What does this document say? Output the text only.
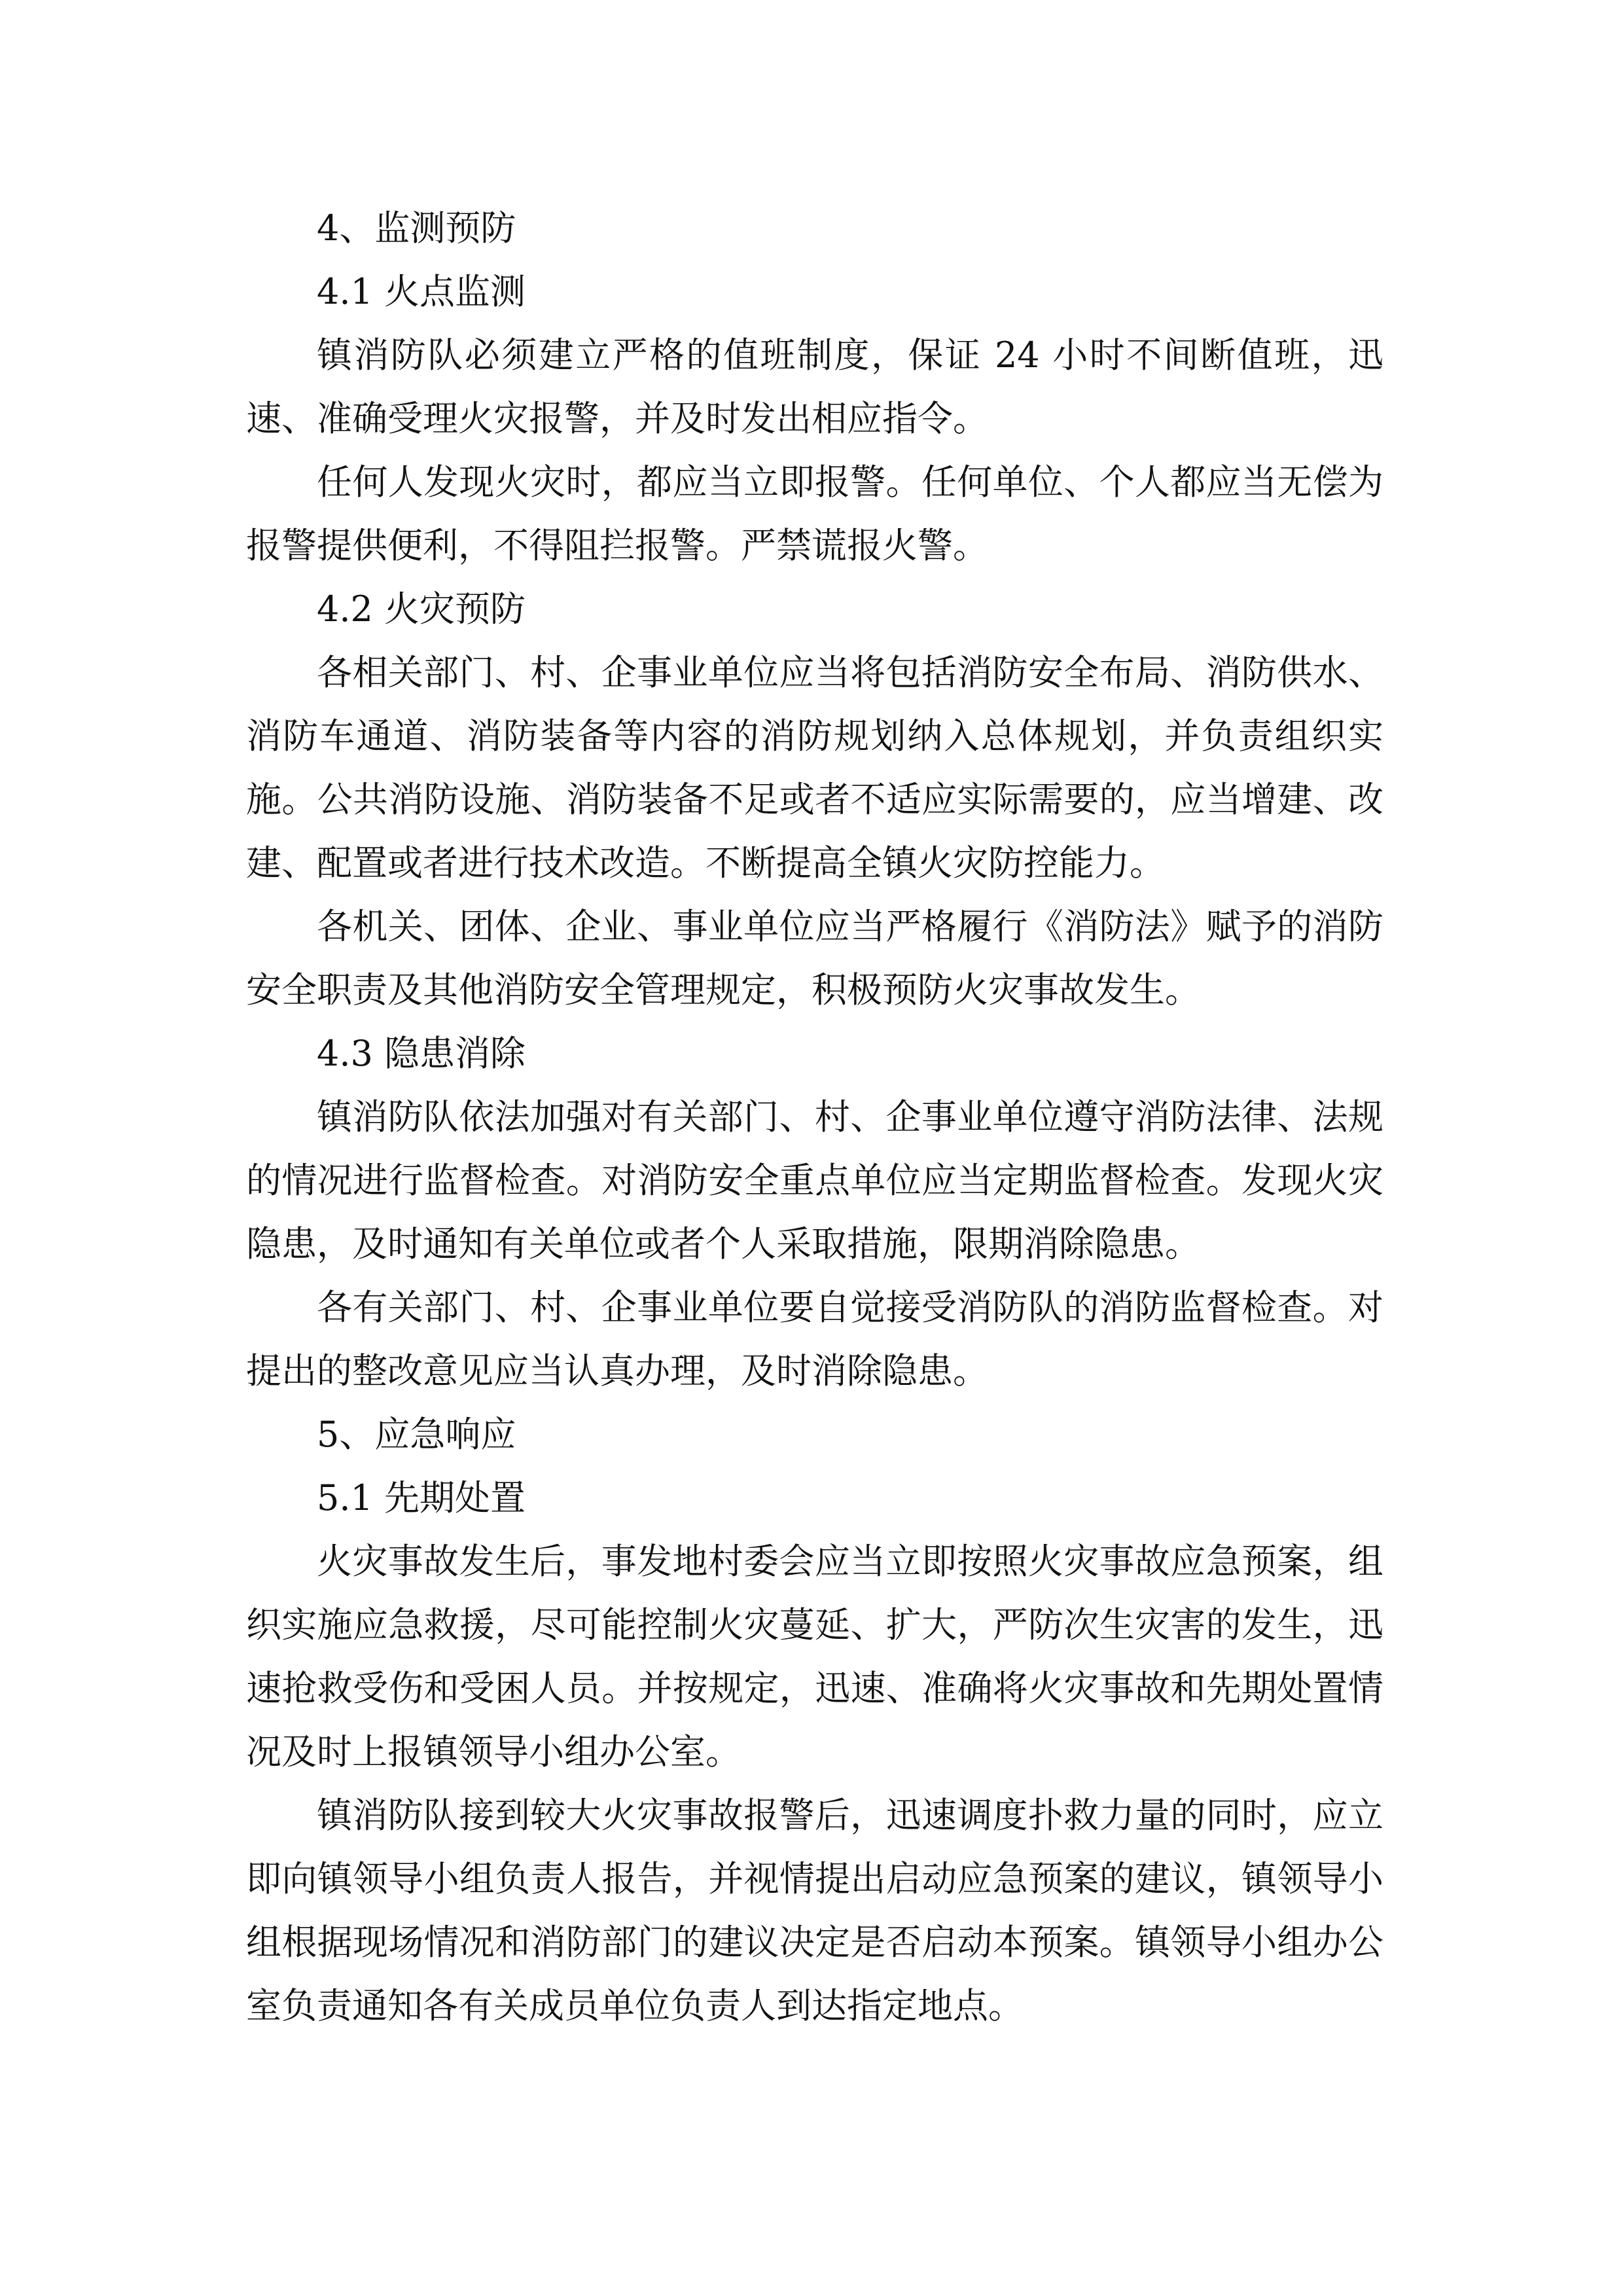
4、监测预防

4.1 火点监测

镇消防队必须建立严格的值班制度，保证 24 小时不间断值班，迅速、准确受理火灾报警，并及时发出相应指令。

任何人发现火灾时，都应当立即报警。任何单位、个人都应当无偿为报警提供便利，不得阻拦报警。严禁谎报火警。

4.2 火灾预防

各相关部门、村、企事业单位应当将包括消防安全布局、消防供水、消防车通道、消防装备等内容的消防规划纳入总体规划，并负责组织实施。公共消防设施、消防装备不足或者不适应实际需要的，应当增建、改建、配置或者进行技术改造。不断提高全镇火灾防控能力。

各机关、团体、企业、事业单位应当严格履行《消防法》赋予的消防安全职责及其他消防安全管理规定，积极预防火灾事故发生。

4.3 隐患消除

镇消防队依法加强对有关部门、村、企事业单位遵守消防法律、法规的情况进行监督检查。对消防安全重点单位应当定期监督检查。发现火灾隐患，及时通知有关单位或者个人采取措施，限期消除隐患。

各有关部门、村、企事业单位要自觉接受消防队的消防监督检查。对提出的整改意见应当认真办理，及时消除隐患。

5、应急响应

5.1 先期处置

火灾事故发生后，事发地村委会应当立即按照火灾事故应急预案，组织实施应急救援，尽可能控制火灾蔓延、扩大，严防次生灾害的发生，迅速抢救受伤和受困人员。并按规定，迅速、准确将火灾事故和先期处置情况及时上报镇领导小组办公室。

镇消防队接到较大火灾事故报警后，迅速调度扑救力量的同时，应立即向镇领导小组负责人报告，并视情提出启动应急预案的建议，镇领导小组根据现场情况和消防部门的建议决定是否启动本预案。镇领导小组办公室负责通知各有关成员单位负责人到达指定地点。
